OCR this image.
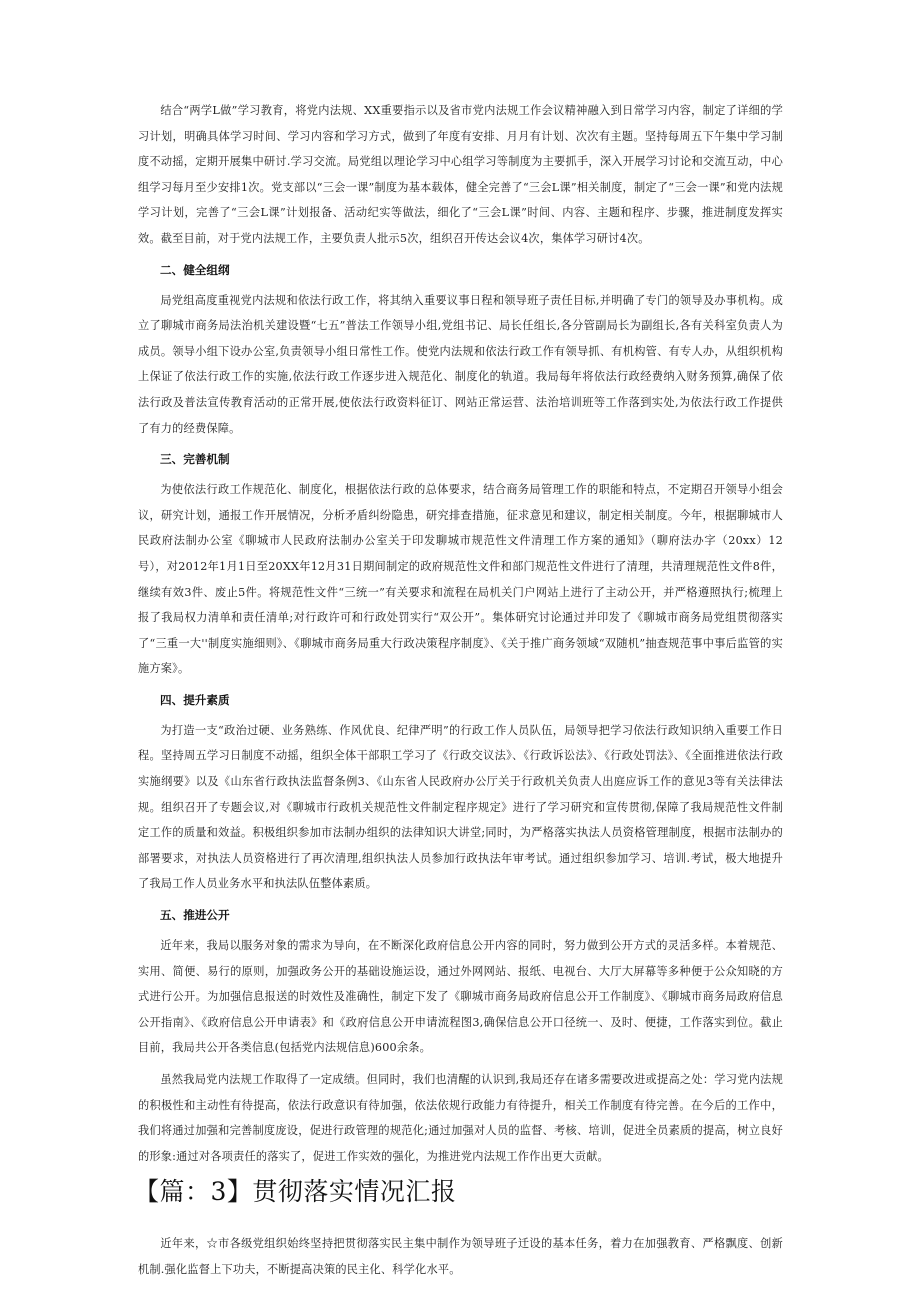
结合“两学L做”学习教育，将党内法规、XX重要指示以及省市党内法规工作会议精神融入到日常学习内容，制定了详细的学习计划，明确具体学习时间、学习内容和学习方式，做到了年度有安排、月月有计划、次次有主题。坚持每周五下午集中学习制度不动摇，定期开展集中研讨.学习交流。局党组以理论学习中心组学习等制度为主要抓手，深入开展学习讨论和交流互动，中心组学习每月至少安排1次。党支部以“三会一课”制度为基本载体，健全完善了“三会L课”相关制度，制定了“三会一课”和党内法规学习计划，完善了“三会L课”计划报备、活动纪实等做法，细化了“三会L课”时间、内容、主题和程序、步骤，推进制度发挥实效。截至目前，对于党内法规工作，主要负责人批示5次，组织召开传达会议4次，集体学习研讨4次。

二、健全组纲

局党组高度重视党内法规和依法行政工作，将其纳入重要议事日程和领导班子责任目标,并明确了专门的领导及办事机构。成立了聊城市商务局法治机关建设暨“七五”普法工作领导小组,党组书记、局长任组长,各分管副局长为副组长,各有关科室负责人为成员。领导小组下设办公室,负责领导小组日常性工作。使党内法规和依法行政工作有领导抓、有机构管、有专人办，从组织机构上保证了依法行政工作的实施,依法行政工作逐步进入规范化、制度化的轨道。我局每年将依法行政经费纳入财务预算,确保了依法行政及普法宣传教育活动的正常开展,使依法行政资料征订、网站正常运营、法治培训班等工作落到实处,为依法行政工作提供了有力的经费保障。

三、完善机制

为使依法行政工作规范化、制度化，根据依法行政的总体要求，结合商务局管理工作的职能和特点，不定期召开领导小组会议，研究计划，通报工作开展情况，分析矛盾纠纷隐患，研究排查措施，征求意见和建议，制定相关制度。今年，根据聊城市人民政府法制办公室《聊城市人民政府法制办公室关于印发聊城市规范性文件清理工作方案的通知》（聊府法办字（20xx）12号），对2012年1月1日至20XX年12月31日期间制定的政府规范性文件和部门规范性文件进行了清理，共清理规范性文件8件，继续有效3件、废止5件。将规范性文件“三统一”有关要求和流程在局机关门户网站上进行了主动公开，并严格遵照执行;梳理上报了我局权力清单和责任清单;对行政许可和行政处罚实行“双公开”。集体研究讨论通过并印发了《聊城市商务局党组贯彻落实了“三重一大''制度实施细则》、《聊城市商务局重大行政决策程序制度》、《关于推广商务领域“双随机”抽查规范事中事后监管的实施方案》。

四、提升素质

为打造一支“政治过硬、业务熟练、作风优良、纪律严明”的行政工作人员队伍，局领导把学习依法行政知识纳入重要工作日程。坚持周五学习日制度不动摇，组织全体干部职工学习了《行政交议法》、《行政诉讼法》、《行政处罚法》、《全面推进依法行政实施纲要》以及《山东省行政执法监督条例3、《山东省人民政府办公厅关于行政机关负责人出庭应诉工作的意见3等有关法律法规。组织召开了专题会议,对《聊城市行政机关规范性文件制定程序规定》进行了学习研究和宣传贯彻,保障了我局规范性文件制定工作的质量和效益。积极组织参加市法制办组织的法律知识大讲堂;同时，为严格落实执法人员资格管理制度，根据市法制办的部署要求，对执法人员资格进行了再次清理,组织执法人员参加行政执法年审考试。通过组织参加学习、培训.考试，极大地提升了我局工作人员业务水平和执法队伍整体素质。

五、推进公开

近年来，我局以服务对象的需求为导向，在不断深化政府信息公开内容的同时，努力做到公开方式的灵活多样。本着规范、实用、简便、易行的原则，加强政务公开的基础设施运设，通过外网网站、报纸、电视台、大厅大屏幕等多种便于公众知晓的方式进行公开。为加强信息报送的时效性及准确性，制定下发了《聊城市商务局政府信息公开工作制度》、《聊城市商务局政府信息公开指南》、《政府信息公开申请表》和《政府信息公开申请流程图3,确保信息公开口径统一、及时、便捷，工作落实到位。截止目前，我局共公开各类信息(包括党内法规信息)600余条。

虽然我局党内法规工作取得了一定成绩。但同时，我们也清醒的认识到,我局还存在诸多需要改进或提高之处：学习党内法规的积极性和主动性有待提高，依法行政意识有待加强，依法依规行政能力有待提升，相关工作制度有待完善。在今后的工作中，我们将通过加强和完善制度庞设，促进行政管理的规范化;通过加强对人员的监督、考核、培训，促进全员素质的提高，树立良好的形象:通过对各项责任的落实了，促进工作实效的强化，为推进党内法规工作作出更大贡献。

【篇：3】贯彻落实情况汇报

近年来，☆市各级党组织始终坚持把贯彻落实民主集中制作为领导班子迁设的基本任务，着力在加强教育、严格飘度、创新机制.强化监督上下功夫，不断提高决策的民主化、科学化水平。
